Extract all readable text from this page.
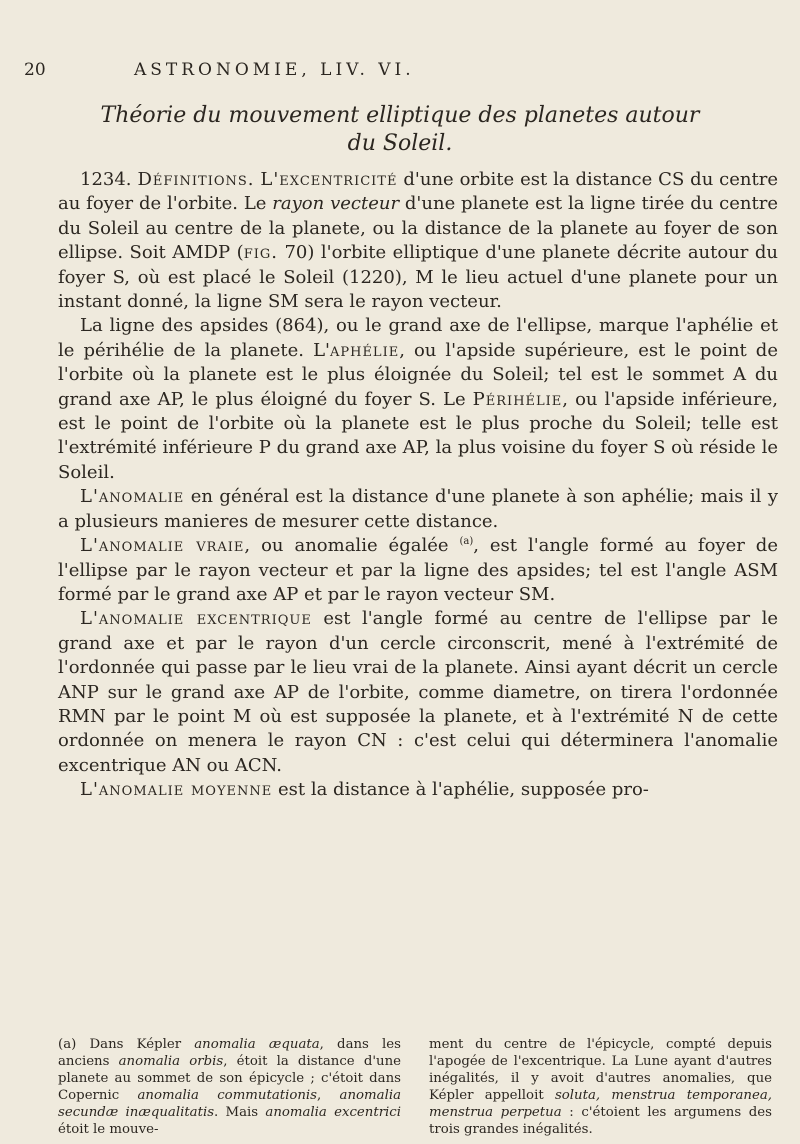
20	ASTRONOMIE, LIV. VI.
Théorie du mouvement elliptique des planetes autour
du Soleil.

1234. Définitions. L'excentricité d'une orbite est la distance CS du centre au foyer de l'orbite. Le rayon vecteur d'une planete est la ligne tirée du centre du Soleil au centre de la planete, ou la distance de la planete au foyer de son ellipse. Soit AMDP (fig. 70) l'orbite elliptique d'une planete décrite autour du foyer S, où est placé le Soleil (1220), M le lieu actuel d'une planete pour un instant donné, la ligne SM sera le rayon vecteur.

La ligne des apsides (864), ou le grand axe de l'ellipse, marque l'aphélie et le périhélie de la planete. L'aphélie, ou l'apside supérieure, est le point de l'orbite où la planete est le plus éloignée du Soleil; tel est le sommet A du grand axe AP, le plus éloigné du foyer S. Le Périhélie, ou l'apside inférieure, est le point de l'orbite où la planete est le plus proche du Soleil; telle est l'extrémité inférieure P du grand axe AP, la plus voisine du foyer S où réside le Soleil.

L'anomalie en général est la distance d'une planete à son aphélie; mais il y a plusieurs manieres de mesurer cette distance.

L'anomalie vraie, ou anomalie égalée $^{(a)}$, est l'angle formé au foyer de l'ellipse par le rayon vecteur et par la ligne des apsides; tel est l'angle ASM formé par le grand axe AP et par le rayon vecteur SM.

L'anomalie excentrique est l'angle formé au centre de l'ellipse par le grand axe et par le rayon d'un cercle circonscrit, mené à l'extrémité de l'ordonnée qui passe par le lieu vrai de la planete. Ainsi ayant décrit un cercle ANP sur le grand axe AP de l'orbite, comme diametre, on tirera l'ordonnée RMN par le point M où est supposée la planete, et à l'extrémité N de cette ordonnée on menera le rayon CN : c'est celui qui déterminera l'anomalie excentrique AN ou ACN.

L'anomalie moyenne est la distance à l'aphélie, supposée pro-

(a) Dans Képler anomalia æquata, dans les anciens anomalia orbis, étoit la distance d'une planete au sommet de son épicycle ; c'étoit dans Copernic anomalia commutationis, anomalia secundæ inæqualitatis. Mais anomalia excentrici étoit le mouve-

ment du centre de l'épicycle, compté depuis l'apogée de l'excentrique. La Lune ayant d'autres inégalités, il y avoit d'autres anomalies, que Képler appelloit soluta, menstrua temporanea, menstrua perpetua : c'étoient les argumens des trois grandes inégalités.
